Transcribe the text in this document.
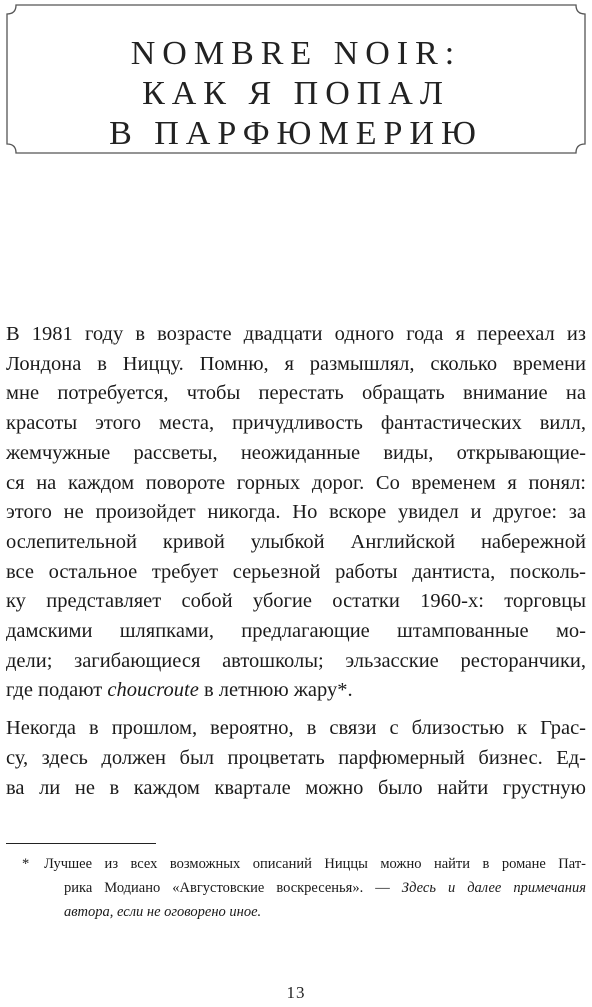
NOMBRE NOIR:
КАК Я ПОПАЛ
В ПАРФЮМЕРИЮ

В 1981 году в возрасте двадцати одного года я переехал из
Лондона в Ниццу. Помню, я размышлял, сколько времени
мне потребуется, чтобы перестать обращать внимание на
красоты этого места, причудливость фантастических вилл,
жемчужные рассветы, неожиданные виды, открывающие-
ся на каждом повороте горных дорог. Со временем я понял:
этого не произойдет никогда. Но вскоре увидел и другое: за
ослепительной кривой улыбкой Английской набережной
все остальное требует серьезной работы дантиста, посколь-
ку представляет собой убогие остатки 1960-х: торговцы
дамскими шляпками, предлагающие штампованные мо-
дели; загибающиеся автошколы; эльзасские ресторанчики,
где подают choucroute в летнюю жару*.

Некогда в прошлом, вероятно, в связи с близостью к Грас-
су, здесь должен был процветать парфюмерный бизнес. Ед-
ва ли не в каждом квартале можно было найти грустную

* Лучшее из всех возможных описаний Ниццы можно найти в романе Пат-
рика Модиано «Августовские воскресенья». — Здесь и далее примечания
автора, если не оговорено иное.
13
